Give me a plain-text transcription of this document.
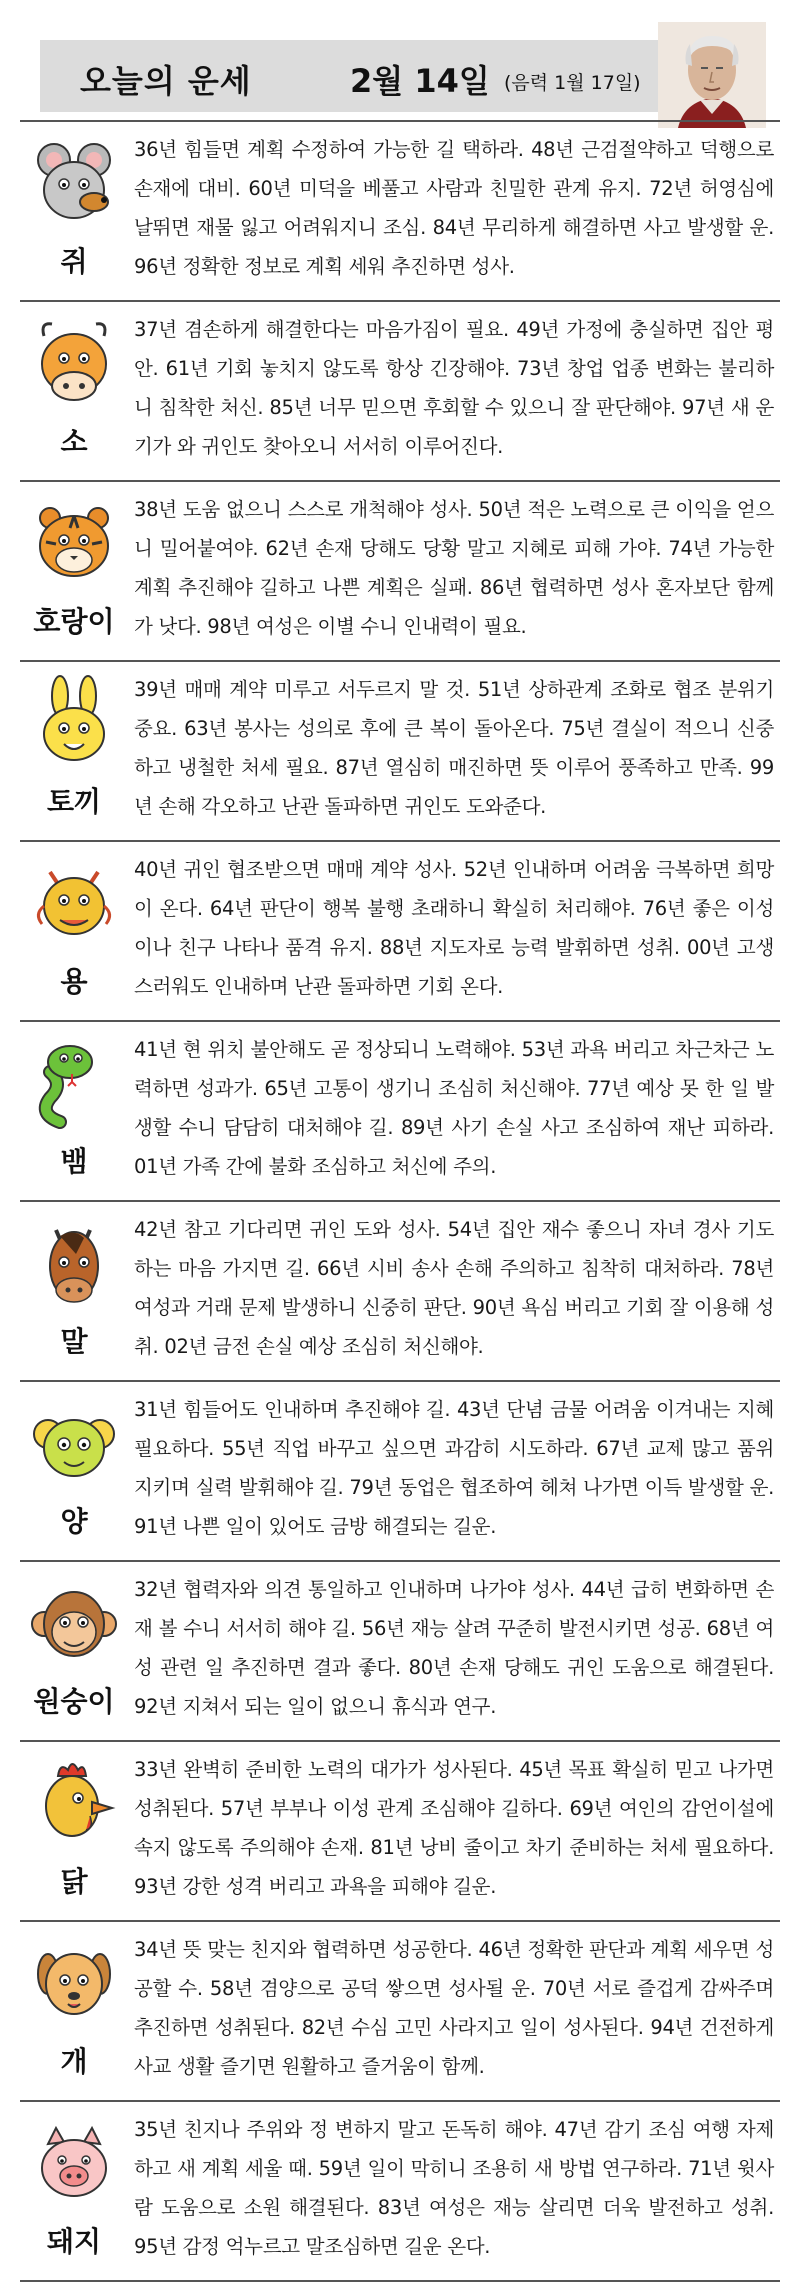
오늘의 운세	2월 14일 (음력 1월 17일)
쥐
36년 힘들면 계획 수정하여 가능한 길 택하라. 48년 근검절약하고 덕행으로 손재에 대비. 60년 미덕을 베풀고 사람과 친밀한 관계 유지. 72년 허영심에 날뛰면 재물 잃고 어려워지니 조심. 84년 무리하게 해결하면 사고 발생할 운. 96년 정확한 정보로 계획 세워 추진하면 성사.
소
37년 겸손하게 해결한다는 마음가짐이 필요. 49년 가정에 충실하면 집안 평안. 61년 기회 놓치지 않도록 항상 긴장해야. 73년 창업 업종 변화는 불리하니 침착한 처신. 85년 너무 믿으면 후회할 수 있으니 잘 판단해야. 97년 새 운기가 와 귀인도 찾아오니 서서히 이루어진다.
호랑이
38년 도움 없으니 스스로 개척해야 성사. 50년 적은 노력으로 큰 이익을 얻으니 밀어붙여야. 62년 손재 당해도 당황 말고 지혜로 피해 가야. 74년 가능한 계획 추진해야 길하고 나쁜 계획은 실패. 86년 협력하면 성사 혼자보단 함께가 낫다. 98년 여성은 이별 수니 인내력이 필요.
토끼
39년 매매 계약 미루고 서두르지 말 것. 51년 상하관계 조화로 협조 분위기 중요. 63년 봉사는 성의로 후에 큰 복이 돌아온다. 75년 결실이 적으니 신중하고 냉철한 처세 필요. 87년 열심히 매진하면 뜻 이루어 풍족하고 만족. 99년 손해 각오하고 난관 돌파하면 귀인도 도와준다.
용
40년 귀인 협조받으면 매매 계약 성사. 52년 인내하며 어려움 극복하면 희망이 온다. 64년 판단이 행복 불행 초래하니 확실히 처리해야. 76년 좋은 이성이나 친구 나타나 품격 유지. 88년 지도자로 능력 발휘하면 성취. 00년 고생스러워도 인내하며 난관 돌파하면 기회 온다.
뱀
41년 현 위치 불안해도 곧 정상되니 노력해야. 53년 과욕 버리고 차근차근 노력하면 성과가. 65년 고통이 생기니 조심히 처신해야. 77년 예상 못 한 일 발생할 수니 담담히 대처해야 길. 89년 사기 손실 사고 조심하여 재난 피하라. 01년 가족 간에 불화 조심하고 처신에 주의.
말
42년 참고 기다리면 귀인 도와 성사. 54년 집안 재수 좋으니 자녀 경사 기도하는 마음 가지면 길. 66년 시비 송사 손해 주의하고 침착히 대처하라. 78년 여성과 거래 문제 발생하니 신중히 판단. 90년 욕심 버리고 기회 잘 이용해 성취. 02년 금전 손실 예상 조심히 처신해야.
양
31년 힘들어도 인내하며 추진해야 길. 43년 단념 금물 어려움 이겨내는 지혜 필요하다. 55년 직업 바꾸고 싶으면 과감히 시도하라. 67년 교제 많고 품위 지키며 실력 발휘해야 길. 79년 동업은 협조하여 헤쳐 나가면 이득 발생할 운. 91년 나쁜 일이 있어도 금방 해결되는 길운.
원숭이
32년 협력자와 의견 통일하고 인내하며 나가야 성사. 44년 급히 변화하면 손재 볼 수니 서서히 해야 길. 56년 재능 살려 꾸준히 발전시키면 성공. 68년 여성 관련 일 추진하면 결과 좋다. 80년 손재 당해도 귀인 도움으로 해결된다. 92년 지쳐서 되는 일이 없으니 휴식과 연구.
닭
33년 완벽히 준비한 노력의 대가가 성사된다. 45년 목표 확실히 믿고 나가면 성취된다. 57년 부부나 이성 관계 조심해야 길하다. 69년 여인의 감언이설에 속지 않도록 주의해야 손재. 81년 낭비 줄이고 차기 준비하는 처세 필요하다. 93년 강한 성격 버리고 과욕을 피해야 길운.
개
34년 뜻 맞는 친지와 협력하면 성공한다. 46년 정확한 판단과 계획 세우면 성공할 수. 58년 겸양으로 공덕 쌓으면 성사될 운. 70년 서로 즐겁게 감싸주며 추진하면 성취된다. 82년 수심 고민 사라지고 일이 성사된다. 94년 건전하게 사교 생활 즐기면 원활하고 즐거움이 함께.
돼지
35년 친지나 주위와 정 변하지 말고 돈독히 해야. 47년 감기 조심 여행 자제하고 새 계획 세울 때. 59년 일이 막히니 조용히 새 방법 연구하라. 71년 윗사람 도움으로 소원 해결된다. 83년 여성은 재능 살리면 더욱 발전하고 성취. 95년 감정 억누르고 말조심하면 길운 온다.
